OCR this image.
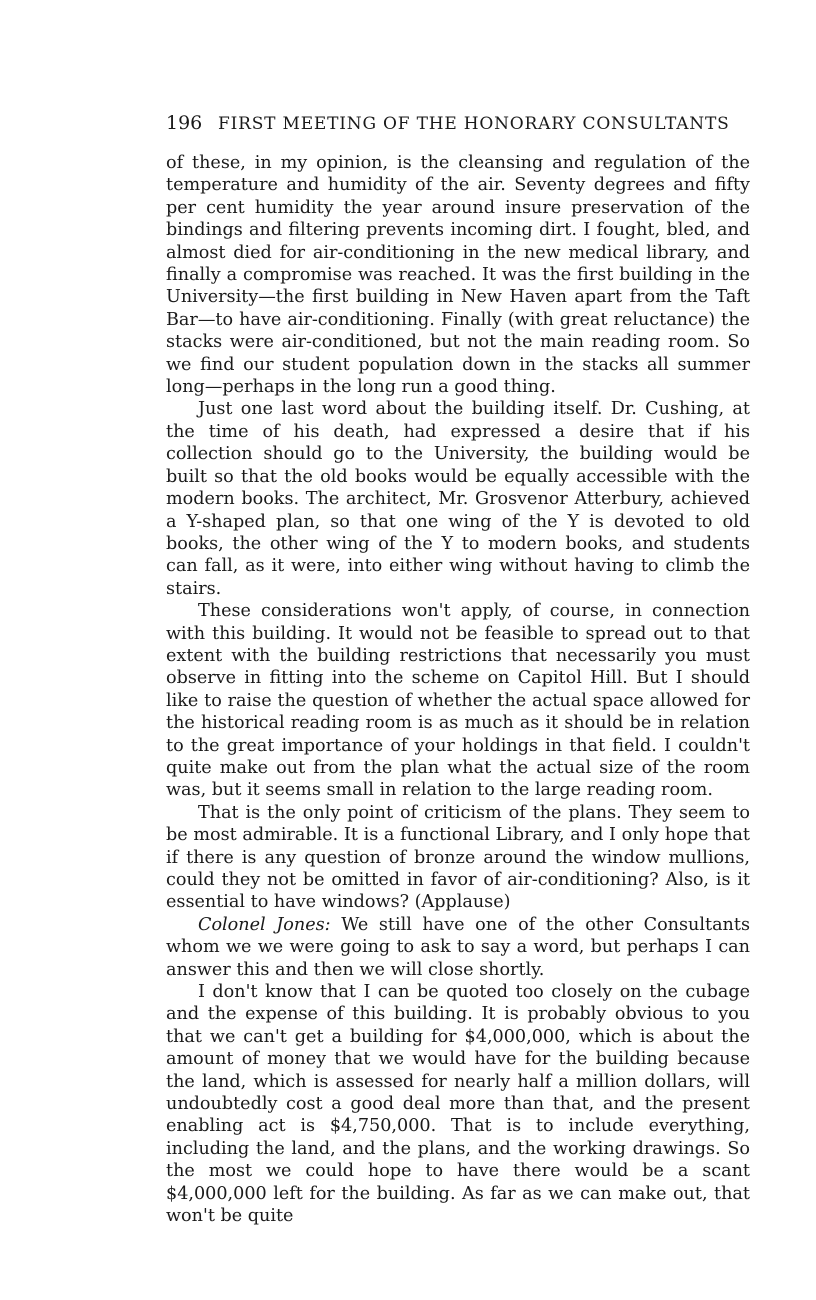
196 FIRST MEETING OF THE HONORARY CONSULTANTS

of these, in my opinion, is the cleansing and regulation of the temperature and humidity of the air. Seventy degrees and fifty per cent humidity the year around insure preservation of the bindings and filtering prevents incoming dirt. I fought, bled, and almost died for air-conditioning in the new medical library, and finally a compromise was reached. It was the first building in the University—the first building in New Haven apart from the Taft Bar—to have air-conditioning. Finally (with great reluctance) the stacks were air-conditioned, but not the main reading room. So we find our student population down in the stacks all summer long—perhaps in the long run a good thing.

Just one last word about the building itself. Dr. Cushing, at the time of his death, had expressed a desire that if his collection should go to the University, the building would be built so that the old books would be equally accessible with the modern books. The architect, Mr. Grosvenor Atterbury, achieved a Y-shaped plan, so that one wing of the Y is devoted to old books, the other wing of the Y to modern books, and students can fall, as it were, into either wing without having to climb the stairs.

These considerations won't apply, of course, in connection with this building. It would not be feasible to spread out to that extent with the building restrictions that necessarily you must observe in fitting into the scheme on Capitol Hill. But I should like to raise the question of whether the actual space allowed for the historical reading room is as much as it should be in relation to the great importance of your holdings in that field. I couldn't quite make out from the plan what the actual size of the room was, but it seems small in relation to the large reading room.

That is the only point of criticism of the plans. They seem to be most admirable. It is a functional Library, and I only hope that if there is any question of bronze around the window mullions, could they not be omitted in favor of air-conditioning? Also, is it essential to have windows? (Applause)

Colonel Jones: We still have one of the other Consultants whom we we were going to ask to say a word, but perhaps I can answer this and then we will close shortly.

I don't know that I can be quoted too closely on the cubage and the expense of this building. It is probably obvious to you that we can't get a building for $4,000,000, which is about the amount of money that we would have for the building because the land, which is assessed for nearly half a million dollars, will undoubtedly cost a good deal more than that, and the present enabling act is $4,750,000. That is to include everything, including the land, and the plans, and the working drawings. So the most we could hope to have there would be a scant $4,000,000 left for the building. As far as we can make out, that won't be quite
